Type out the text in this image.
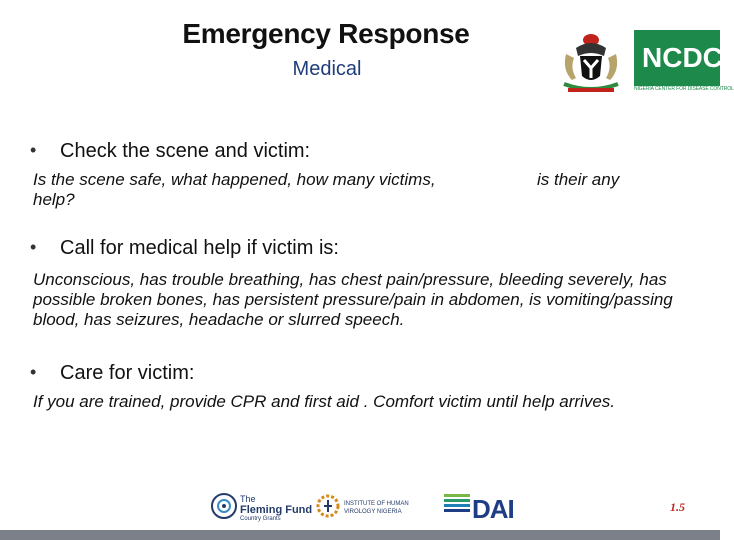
Emergency Response
Medical	NCDC
NIGERIA CENTER FOR DISEASE CONTROL
• Check the scene and victim:
Is the scene safe, what happened, how many victims,	is their any
help?
• Call for medical help if victim is:
Unconscious, has trouble breathing, has chest pain/pressure, bleeding severely, has possible broken bones, has persistent pressure/pain in abdomen, is vomiting/passing blood, has seizures, headache or slurred speech.
• Care for victim:
If you are trained, provide CPR and first aid . Comfort victim until help arrives.
The
Fleming Fund
Country Grants
INSTITUTE OF HUMAN
VIROLOGY NIGERIA	DAI	1.5
